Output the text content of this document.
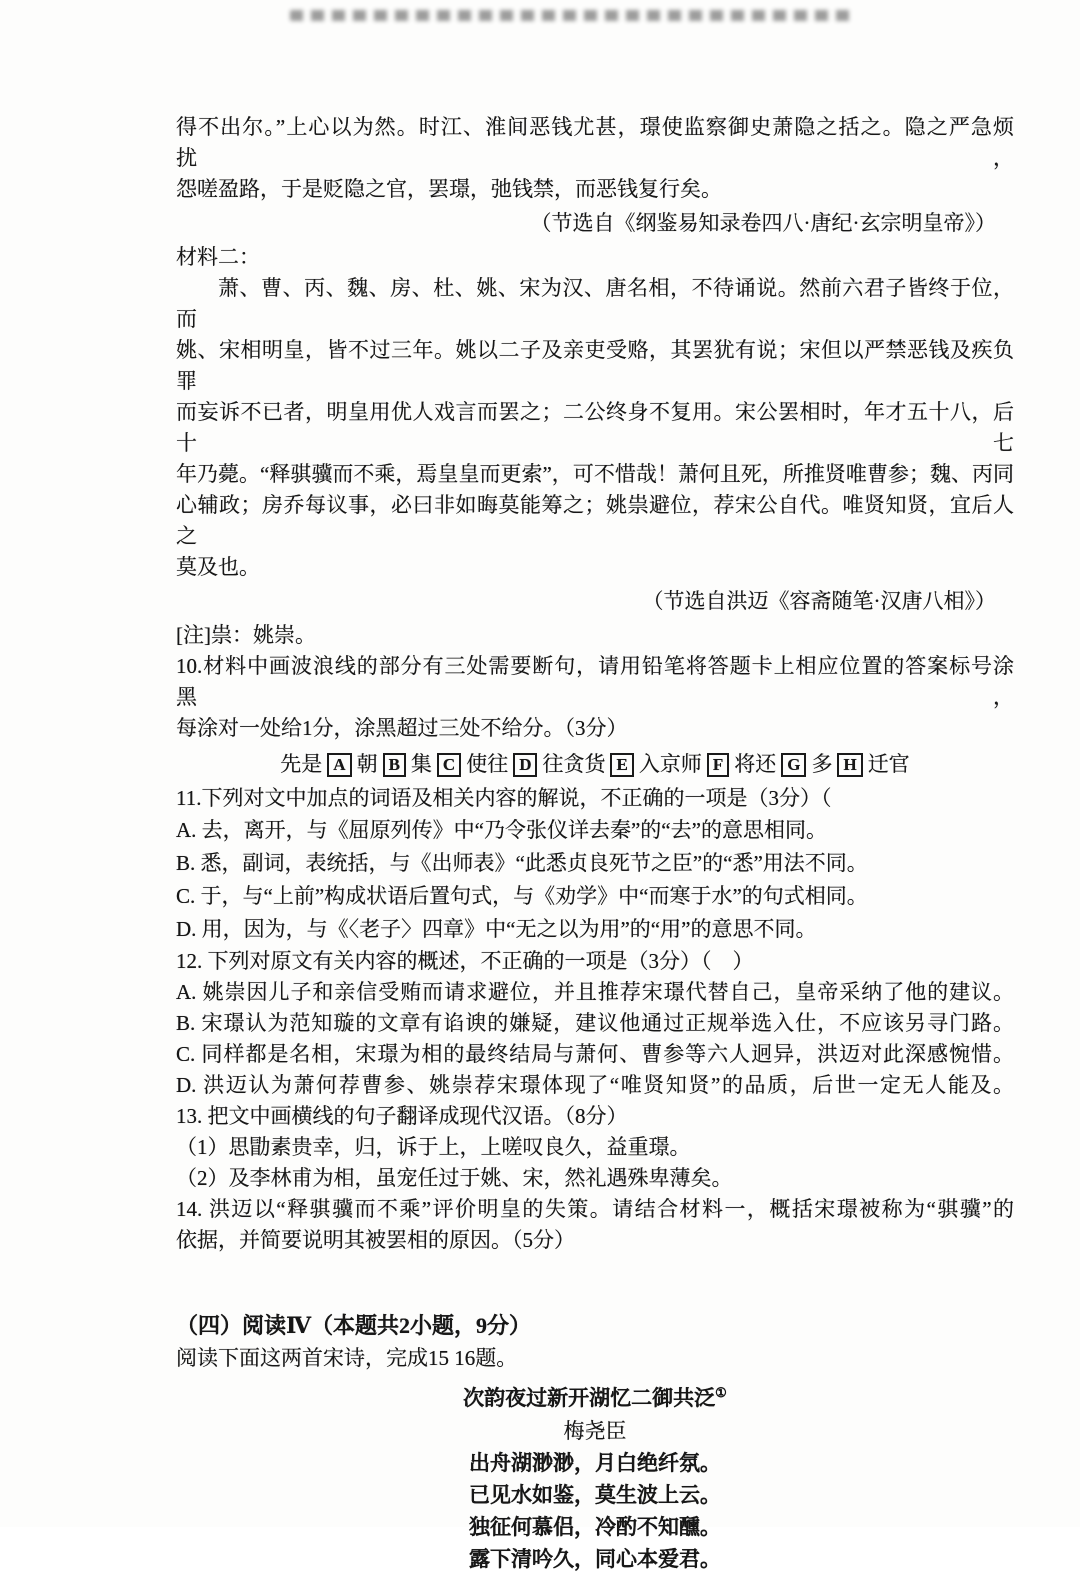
得不出尔。”上心以为然。时江、淮间恶钱尤甚，璟使监察御史萧隐之括之。隐之严急烦扰，
怨嗟盈路，于是贬隐之官，罢璟，弛钱禁，而恶钱复行矣。
（节选自《纲鉴易知录卷四八·唐纪·玄宗明皇帝》）
材料二：
萧、曹、丙、魏、房、杜、姚、宋为汉、唐名相，不待诵说。然前六君子皆终于位，而
姚、宋相明皇，皆不过三年。姚以二子及亲吏受赂，其罢犹有说；宋但以严禁恶钱及疾负罪
而妄诉不已者，明皇用优人戏言而罢之；二公终身不复用。宋公罢相时，年才五十八，后十七
年乃薨。“释骐骥而不乘，焉皇皇而更索”，可不惜哉！萧何且死，所推贤唯曹参；魏、丙同
心辅政；房乔每议事，必曰非如晦莫能筹之；姚祟避位，荐宋公自代。唯贤知贤，宜后人之
莫及也。
（节选自洪迈《容斋随笔·汉唐八相》）
[注]祟：姚崇。
10.材料中画波浪线的部分有三处需要断句，请用铅笔将答题卡上相应位置的答案标号涂黑，
每涂对一处给1分，涂黑超过三处不给分。（3分）
先是 A 朝 B 集 C 使往 D 往贪货 E 入京师 F 将还 G 多 H 迁官
11.下列对文中加点的词语及相关内容的解说，不正确的一项是（3分）（
A. 去，离开，与《屈原列传》中“乃令张仪详去秦”的“去”的意思相同。
B. 悉，副词，表统括，与《出师表》“此悉贞良死节之臣”的“悉”用法不同。
C. 于，与“上前”构成状语后置句式，与《劝学》中“而寒于水”的句式相同。
D. 用，因为，与《〈老子〉四章》中“无之以为用”的“用”的意思不同。
12. 下列对原文有关内容的概述，不正确的一项是（3分）（　）
A. 姚崇因儿子和亲信受贿而请求避位，并且推荐宋璟代替自己，皇帝采纳了他的建议。
B. 宋璟认为范知璇的文章有谄谀的嫌疑，建议他通过正规举选入仕，不应该另寻门路。
C. 同样都是名相，宋璟为相的最终结局与萧何、曹参等六人迥异，洪迈对此深感惋惜。
D. 洪迈认为萧何荐曹参、姚崇荐宋璟体现了“唯贤知贤”的品质，后世一定无人能及。
13. 把文中画横线的句子翻译成现代汉语。（8分）
（1）思勖素贵幸，归，诉于上，上嗟叹良久，益重璟。
（2）及李林甫为相，虽宠任过于姚、宋，然礼遇殊卑薄矣。
14. 洪迈以“释骐骥而不乘”评价明皇的失策。请结合材料一，概括宋璟被称为“骐骥”的
依据，并简要说明其被罢相的原因。（5分）
（四）阅读Ⅳ（本题共2小题，9分）
阅读下面这两首宋诗，完成15 16题。
次韵夜过新开湖忆二御共泛①
梅尧臣
出舟湖渺渺，月白绝纤氛。
已见水如鉴，莫生波上云。
独征何慕侣，冷酌不知醺。
露下清吟久，同心本爱君。
